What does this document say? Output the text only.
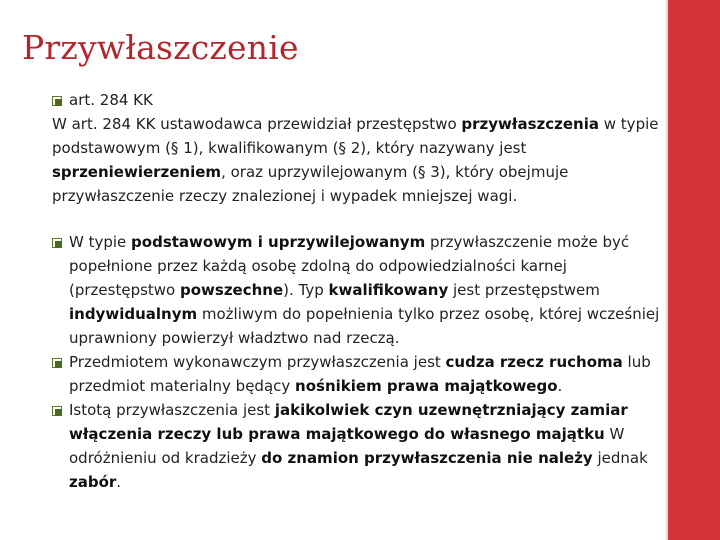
Przywłaszczenie

art. 284 KK

W art. 284 KK ustawodawca przewidział przestępstwo przywłaszczenia w typie podstawowym (§ 1), kwalifikowanym (§ 2), który nazywany jest sprzeniewierzeniem, oraz uprzywilejowanym (§ 3), który obejmuje przywłaszczenie rzeczy znalezionej i wypadek mniejszej wagi.

W typie podstawowym i uprzywilejowanym przywłaszczenie może być popełnione przez każdą osobę zdolną do odpowiedzialności karnej (przestępstwo powszechne). Typ kwalifikowany jest przestępstwem indywidualnym możliwym do popełnienia tylko przez osobę, której wcześniej uprawniony powierzył władztwo nad rzeczą.

Przedmiotem wykonawczym przywłaszczenia jest cudza rzecz ruchoma lub przedmiot materialny będący nośnikiem prawa majątkowego.

Istotą przywłaszczenia jest jakikolwiek czyn uzewnętrzniający zamiar włączenia rzeczy lub prawa majątkowego do własnego majątku W odróżnieniu od kradzieży do znamion przywłaszczenia nie należy jednak zabór.
